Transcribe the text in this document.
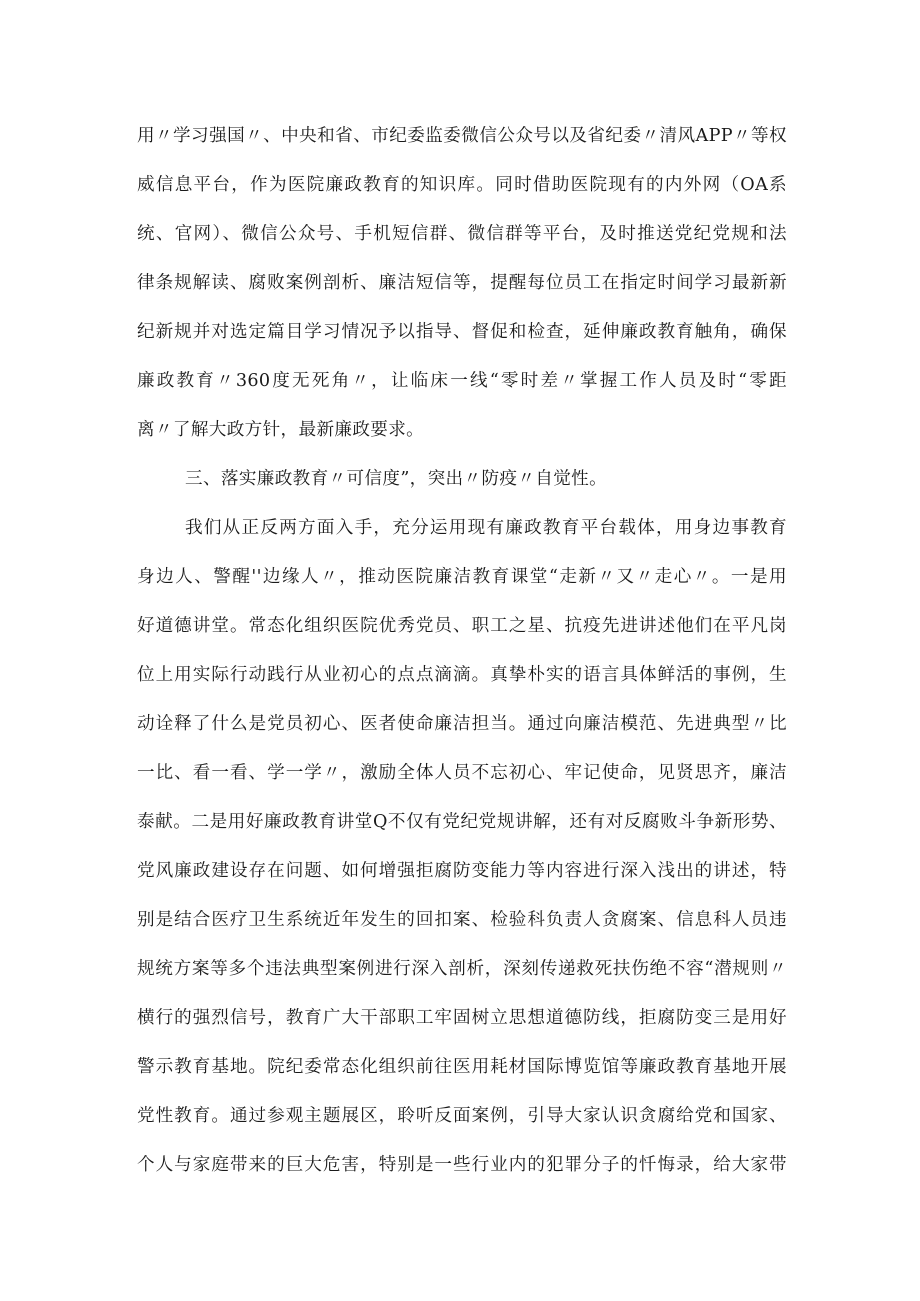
用〃学习强国〃、中央和省、市纪委监委微信公众号以及省纪委〃清风APP〃等权
威信息平台，作为医院廉政教育的知识库。同时借助医院现有的内外网（OA系
统、官网）、微信公众号、手机短信群、微信群等平台，及时推送党纪党规和法
律条规解读、腐败案例剖析、廉洁短信等，提醒每位员工在指定时间学习最新新
纪新规并对选定篇目学习情况予以指导、督促和检查，延伸廉政教育触角，确保
廉政教育〃360度无死角〃，让临床一线“零时差〃掌握工作人员及时“零距
离〃了解大政方针，最新廉政要求。
三、落实廉政教育〃可信度”，突出〃防疫〃自觉性。
我们从正反两方面入手，充分运用现有廉政教育平台载体，用身边事教育
身边人、警醒''边缘人〃，推动医院廉洁教育课堂“走新〃又〃走心〃。一是用
好道德讲堂。常态化组织医院优秀党员、职工之星、抗疫先进讲述他们在平凡岗
位上用实际行动践行从业初心的点点滴滴。真挚朴实的语言具体鲜活的事例，生
动诠释了什么是党员初心、医者使命廉洁担当。通过向廉洁模范、先进典型〃比
一比、看一看、学一学〃，激励全体人员不忘初心、牢记使命，见贤思齐，廉洁
泰献。二是用好廉政教育讲堂Q不仅有党纪党规讲解，还有对反腐败斗争新形势、
党风廉政建设存在问题、如何增强拒腐防变能力等内容进行深入浅出的讲述，特
别是结合医疗卫生系统近年发生的回扣案、检验科负责人贪腐案、信息科人员违
规统方案等多个违法典型案例进行深入剖析，深刻传递救死扶伤绝不容“潜规则〃
横行的强烈信号，教育广大干部职工牢固树立思想道德防线，拒腐防变三是用好
警示教育基地。院纪委常态化组织前往医用耗材国际博览馆等廉政教育基地开展
党性教育。通过参观主题展区，聆听反面案例，引导大家认识贪腐给党和国家、
个人与家庭带来的巨大危害，特别是一些行业内的犯罪分子的忏悔录，给大家带
